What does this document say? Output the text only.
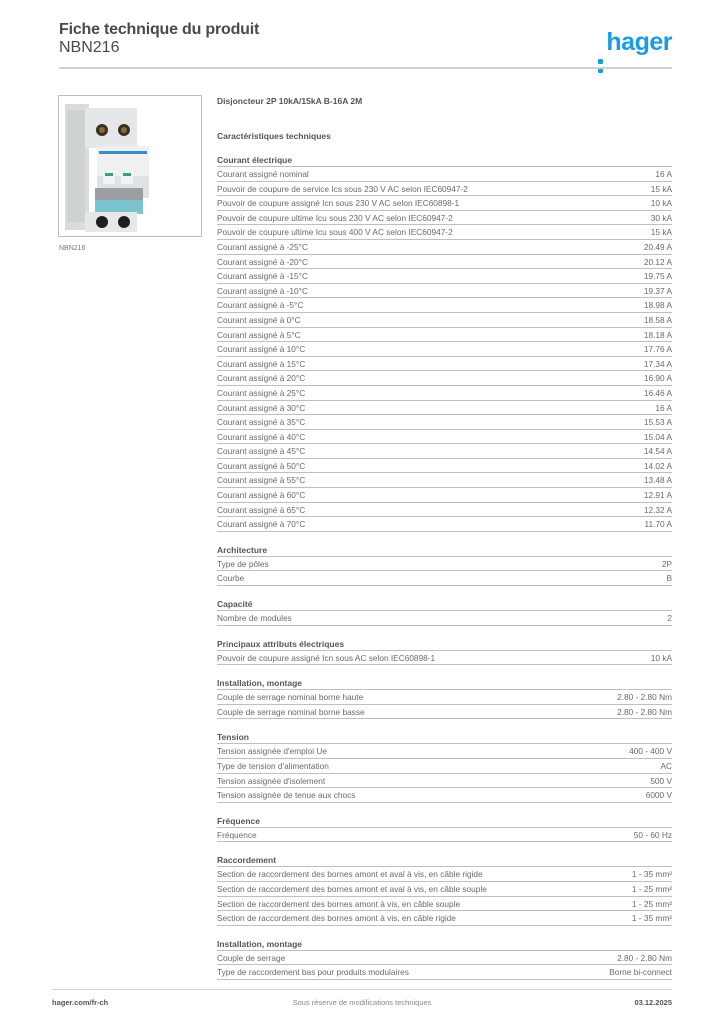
Fiche technique du produit
NBN216	hager
NBN216
Disjoncteur 2P 10kA/15kA B-16A 2M
Caractéristiques techniques
Courant électrique
Courant assigné nominal	16 A
Pouvoir de coupure de service Ics sous 230 V AC selon IEC60947-2	15 kA
Pouvoir de coupure assigné Icn sous 230 V AC selon IEC60898-1	10 kA
Pouvoir de coupure ultime Icu sous 230 V AC selon IEC60947-2	30 kA
Pouvoir de coupure ultime Icu sous 400 V AC selon IEC60947-2	15 kA
Courant assigné à -25°C	20.49 A
Courant assigné à -20°C	20.12 A
Courant assigné à -15°C	19.75 A
Courant assigné à -10°C	19.37 A
Courant assigné à -5°C	18.98 A
Courant assigné à 0°C	18.58 A
Courant assigné à 5°C	18.18 A
Courant assigné à 10°C	17.76 A
Courant assigné à 15°C	17.34 A
Courant assigné à 20°C	16.90 A
Courant assigné à 25°C	16.46 A
Courant assigné à 30°C	16 A
Courant assigné à 35°C	15.53 A
Courant assigné à 40°C	15.04 A
Courant assigné à 45°C	14.54 A
Courant assigné à 50°C	14.02 A
Courant assigné à 55°C	13.48 A
Courant assigné à 60°C	12.91 A
Courant assigné à 65°C	12.32 A
Courant assigné à 70°C	11.70 A
Architecture
Type de pôles	2P
Courbe	B
Capacité
Nombre de modules	2
Principaux attributs électriques
Pouvoir de coupure assigné Icn sous AC selon IEC60898-1	10 kA
Installation, montage
Couple de serrage nominal borne haute	2.80 - 2.80 Nm
Couple de serrage nominal borne basse	2.80 - 2.80 Nm
Tension
Tension assignée d'emploi Ue	400 - 400 V
Type de tension d'alimentation	AC
Tension assignée d'isolement	500 V
Tension assignée de tenue aux chocs	6000 V
Fréquence
Fréquence	50 - 60 Hz
Raccordement
Section de raccordement des bornes amont et aval à vis, en câble rigide	1 - 35 mm²
Section de raccordement des bornes amont et aval à vis, en câble souple	1 - 25 mm²
Section de raccordement des bornes amont à vis, en câble souple	1 - 25 mm²
Section de raccordement des bornes amont à vis, en câble rigide	1 - 35 mm²
Installation, montage
Couple de serrage	2.80 - 2.80 Nm
Type de raccordement bas pour produits modulaires	Borne bi-connect
hager.com/fr-ch	Sous réserve de modifications techniques	03.12.2025
